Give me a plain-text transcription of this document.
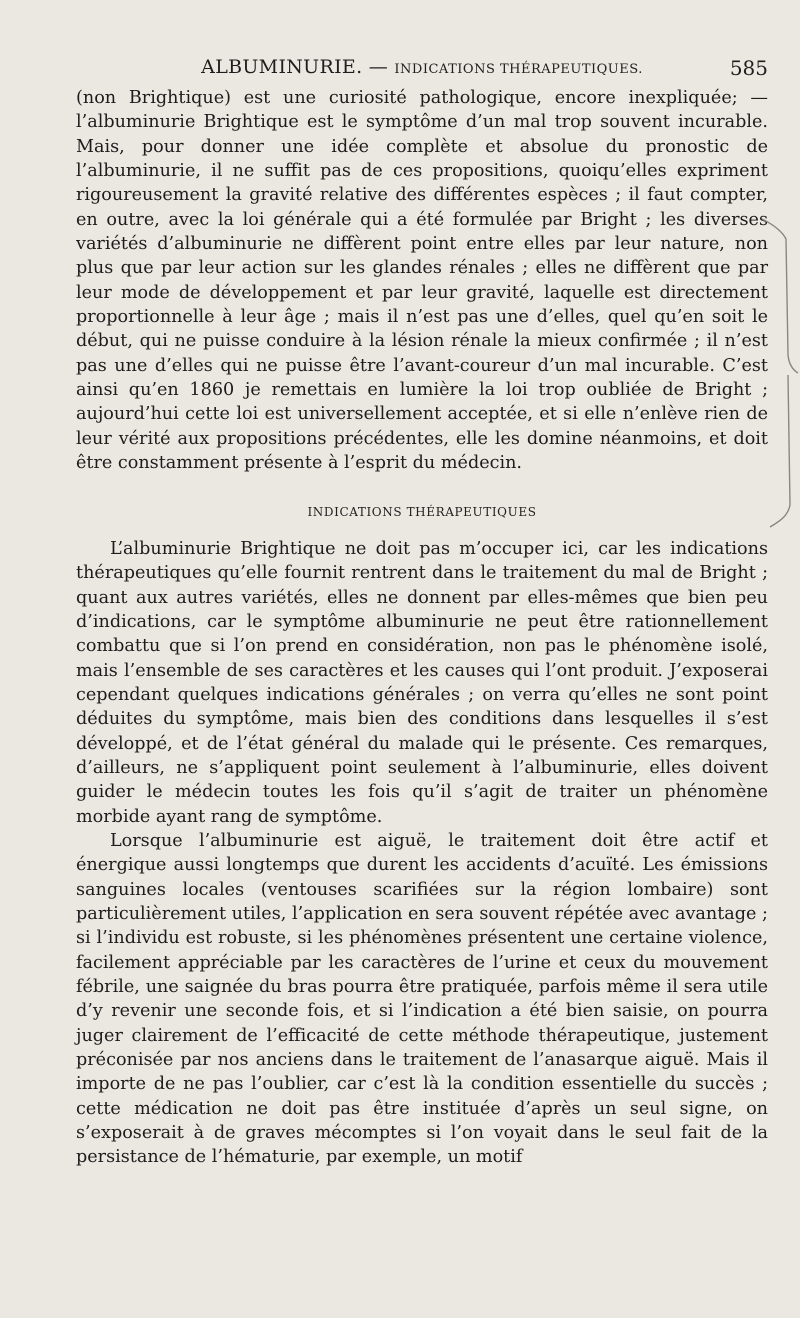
ALBUMINURIE. — INDICATIONS THÉRAPEUTIQUES.	585

(non Brightique) est une curiosité pathologique, encore inexpliquée; — l’albuminurie Brightique est le symptôme d’un mal trop souvent incurable. Mais, pour donner une idée complète et absolue du pronostic de l’albuminurie, il ne suffit pas de ces propositions, quoiqu’elles expriment rigoureusement la gravité relative des différentes espèces ; il faut compter, en outre, avec la loi générale qui a été formulée par Bright ; les diverses variétés d’albuminurie ne diffèrent point entre elles par leur nature, non plus que par leur action sur les glandes rénales ; elles ne diffèrent que par leur mode de développement et par leur gravité, laquelle est directement proportionnelle à leur âge ; mais il n’est pas une d’elles, quel qu’en soit le début, qui ne puisse conduire à la lésion rénale la mieux confirmée ; il n’est pas une d’elles qui ne puisse être l’avant-coureur d’un mal incurable. C’est ainsi qu’en 1860 je remettais en lumière la loi trop oubliée de Bright ; aujourd’hui cette loi est universellement acceptée, et si elle n’enlève rien de leur vérité aux propositions précédentes, elle les domine néanmoins, et doit être constamment présente à l’esprit du médecin.

INDICATIONS THÉRAPEUTIQUES

L’albuminurie Brightique ne doit pas m’occuper ici, car les indications thérapeutiques qu’elle fournit rentrent dans le traitement du mal de Bright ; quant aux autres variétés, elles ne donnent par elles-mêmes que bien peu d’indications, car le symptôme albuminurie ne peut être rationnellement combattu que si l’on prend en considération, non pas le phénomène isolé, mais l’ensemble de ses caractères et les causes qui l’ont produit. J’exposerai cependant quelques indications générales ; on verra qu’elles ne sont point déduites du symptôme, mais bien des conditions dans lesquelles il s’est développé, et de l’état général du malade qui le présente. Ces remarques, d’ailleurs, ne s’appliquent point seulement à l’albuminurie, elles doivent guider le médecin toutes les fois qu’il s’agit de traiter un phénomène morbide ayant rang de symptôme.

Lorsque l’albuminurie est aiguë, le traitement doit être actif et énergique aussi longtemps que durent les accidents d’acuïté. Les émissions sanguines locales (ventouses scarifiées sur la région lombaire) sont particulièrement utiles, l’application en sera souvent répétée avec avantage ; si l’individu est robuste, si les phénomènes présentent une certaine violence, facilement appréciable par les caractères de l’urine et ceux du mouvement fébrile, une saignée du bras pourra être pratiquée, parfois même il sera utile d’y revenir une seconde fois, et si l’indication a été bien saisie, on pourra juger clairement de l’efficacité de cette méthode thérapeutique, justement préconisée par nos anciens dans le traitement de l’anasarque aiguë. Mais il importe de ne pas l’oublier, car c’est là la condition essentielle du succès ; cette médication ne doit pas être instituée d’après un seul signe, on s’exposerait à de graves mécomptes si l’on voyait dans le seul fait de la persistance de l’hématurie, par exemple, un motif
